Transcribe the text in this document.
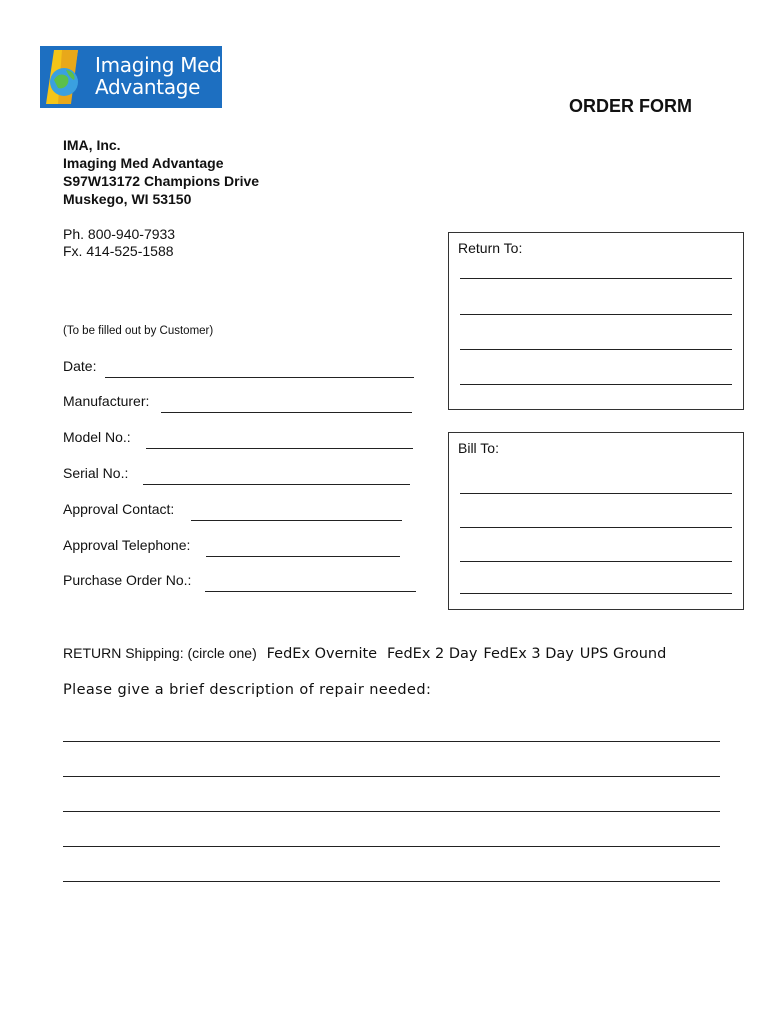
Imaging Med
Advantage
ORDER FORM
IMA, Inc.
Imaging Med Advantage
S97W13172 Champions Drive
Muskego, WI 53150
Ph. 800-940-7933
Fx. 414-525-1588
(To be filled out by Customer)
Date:
Manufacturer:
Model No.:
Serial No.:
Approval Contact:
Approval Telephone:
Purchase Order No.:
Return To:
Bill To:
RETURN Shipping: (circle one) FedEx Overnite FedEx 2 Day FedEx 3 Day UPS Ground
Please give a brief description of repair needed:
